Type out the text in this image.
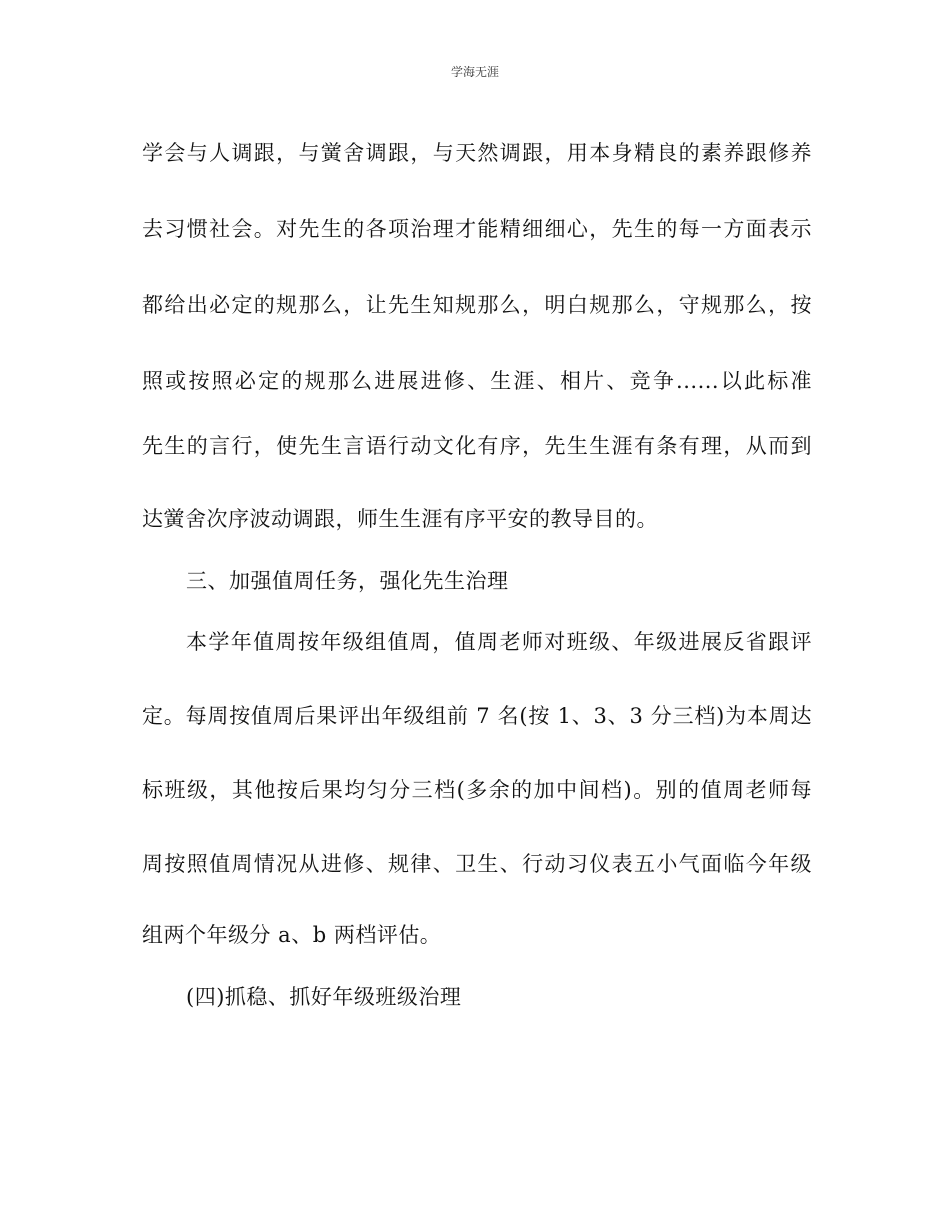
学海无涯
学会与人调跟，与黉舍调跟，与天然调跟，用本身精良的素养跟修养
去习惯社会。对先生的各项治理才能精细细心，先生的每一方面表示
都给出必定的规那么，让先生知规那么，明白规那么，守规那么，按
照或按照必定的规那么进展进修、生涯、相片、竞争......以此标准
先生的言行，使先生言语行动文化有序，先生生涯有条有理，从而到
达黉舍次序波动调跟，师生生涯有序平安的教导目的。
三、加强值周任务，强化先生治理
本学年值周按年级组值周，值周老师对班级、年级进展反省跟评
定。每周按值周后果评出年级组前 7 名(按 1、3、3 分三档)为本周达
标班级，其他按后果均匀分三档(多余的加中间档)。别的值周老师每
周按照值周情况从进修、规律、卫生、行动习仪表五小气面临今年级
组两个年级分 a、b 两档评估。
(四)抓稳、抓好年级班级治理
